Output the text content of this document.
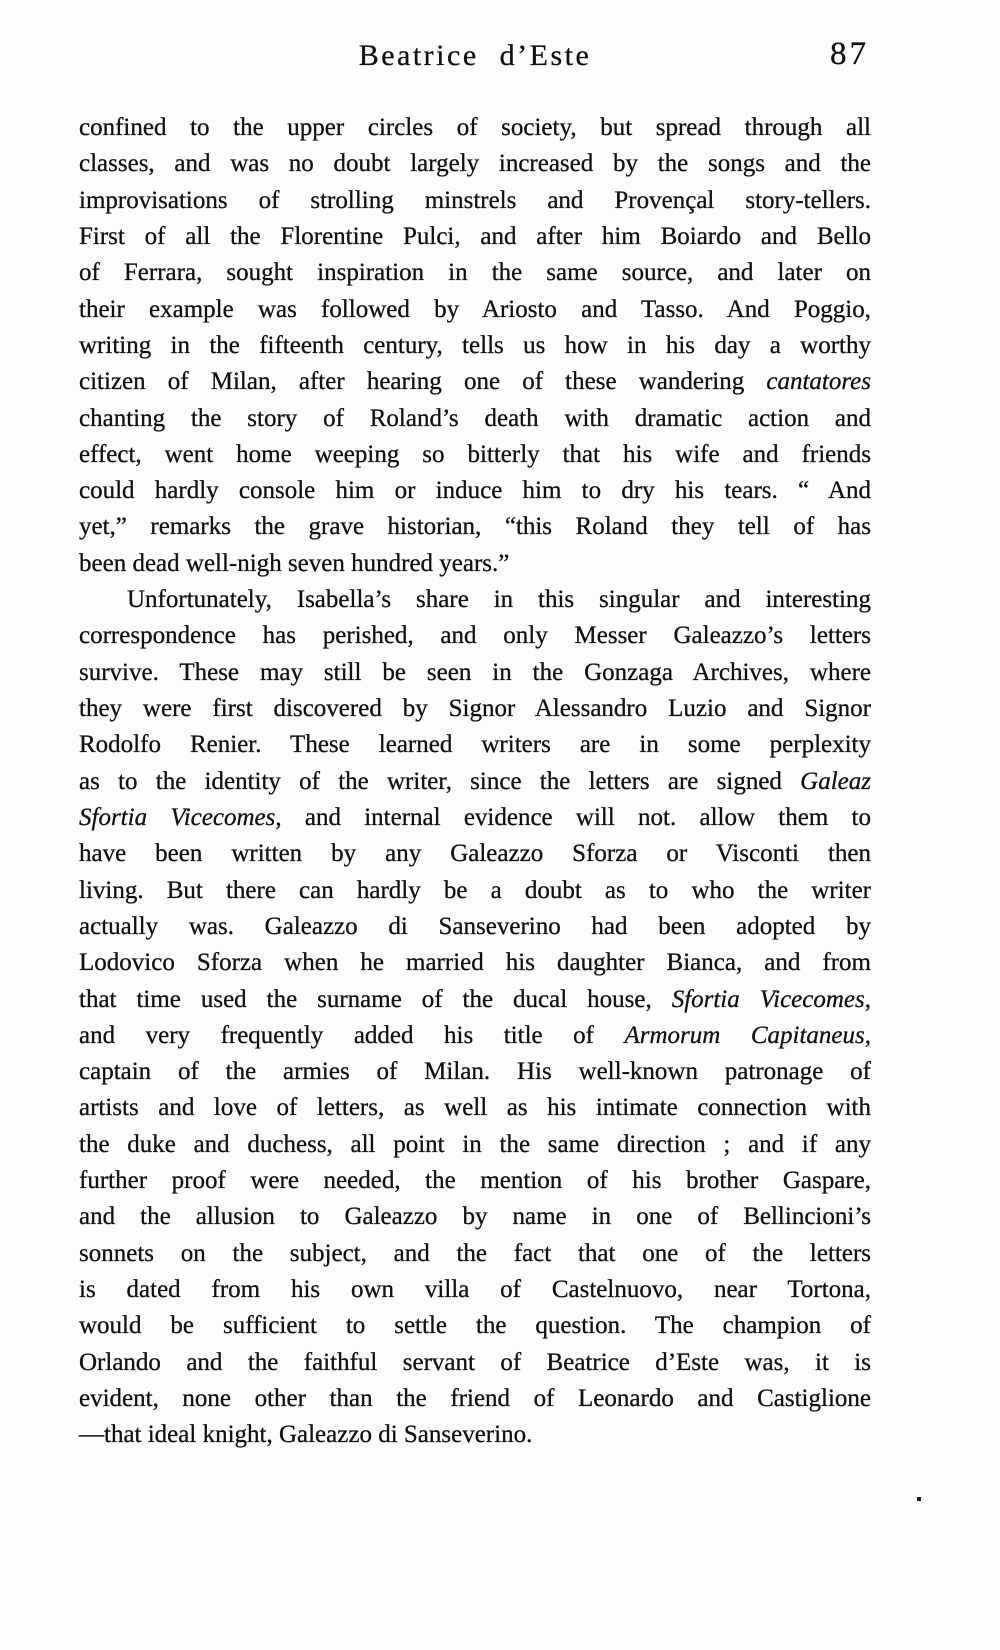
Beatrice d’Este	87
confined to the upper circles of society, but spread through all
classes, and was no doubt largely increased by the songs and the
improvisations of strolling minstrels and Provençal story-tellers.
First of all the Florentine Pulci, and after him Boiardo and Bello
of Ferrara, sought inspiration in the same source, and later on
their example was followed by Ariosto and Tasso. And Poggio,
writing in the fifteenth century, tells us how in his day a worthy
citizen of Milan, after hearing one of these wandering cantatores
chanting the story of Roland’s death with dramatic action and
effect, went home weeping so bitterly that his wife and friends
could hardly console him or induce him to dry his tears. “ And
yet,” remarks the grave historian, “this Roland they tell of has
been dead well-nigh seven hundred years.”
Unfortunately, Isabella’s share in this singular and interesting
correspondence has perished, and only Messer Galeazzo’s letters
survive. These may still be seen in the Gonzaga Archives, where
they were first discovered by Signor Alessandro Luzio and Signor
Rodolfo Renier. These learned writers are in some perplexity
as to the identity of the writer, since the letters are signed Galeaz
Sfortia Vicecomes, and internal evidence will not. allow them to
have been written by any Galeazzo Sforza or Visconti then
living. But there can hardly be a doubt as to who the writer
actually was. Galeazzo di Sanseverino had been adopted by
Lodovico Sforza when he married his daughter Bianca, and from
that time used the surname of the ducal house, Sfortia Vicecomes,
and very frequently added his title of Armorum Capitaneus,
captain of the armies of Milan. His well-known patronage of
artists and love of letters, as well as his intimate connection with
the duke and duchess, all point in the same direction ; and if any
further proof were needed, the mention of his brother Gaspare,
and the allusion to Galeazzo by name in one of Bellincioni’s
sonnets on the subject, and the fact that one of the letters
is dated from his own villa of Castelnuovo, near Tortona,
would be sufficient to settle the question. The champion of
Orlando and the faithful servant of Beatrice d’Este was, it is
evident, none other than the friend of Leonardo and Castiglione
—that ideal knight, Galeazzo di Sanseverino.
